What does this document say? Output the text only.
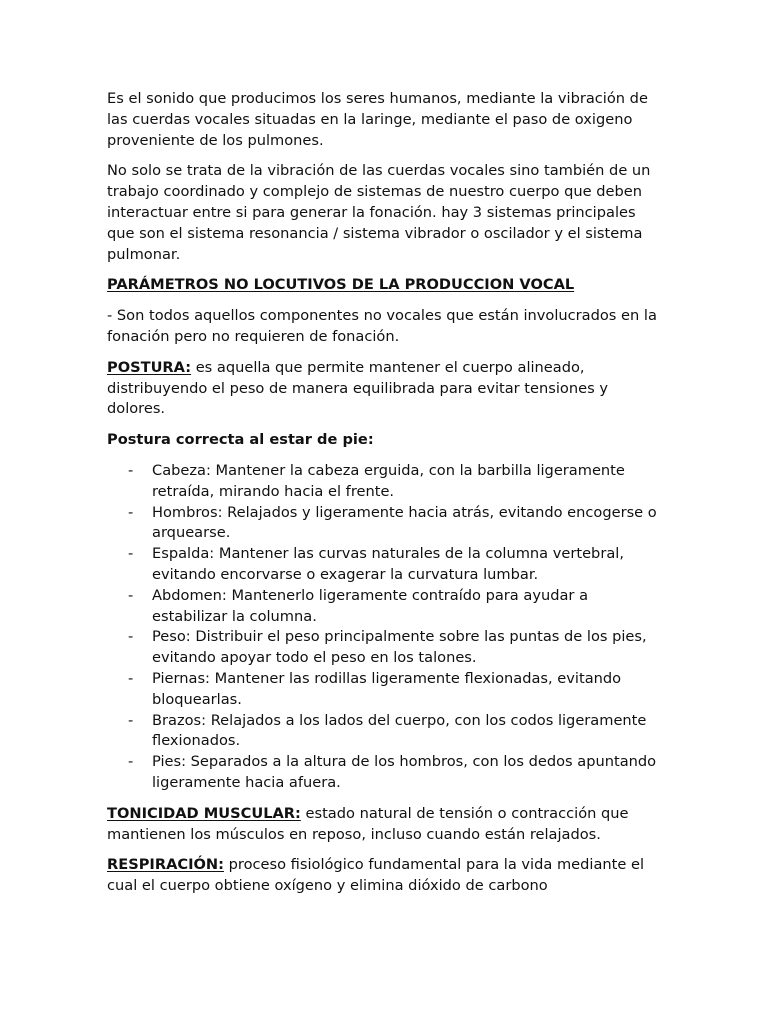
Es el sonido que producimos los seres humanos, mediante la vibración de las cuerdas vocales situadas en la laringe, mediante el paso de oxigeno proveniente de los pulmones.

No solo se trata de la vibración de las cuerdas vocales sino también de un trabajo coordinado y complejo de sistemas de nuestro cuerpo que deben interactuar entre si para generar la fonación. hay 3 sistemas principales que son el sistema resonancia / sistema vibrador o oscilador y el sistema pulmonar.

PARÁMETROS NO LOCUTIVOS DE LA PRODUCCION VOCAL

- Son todos aquellos componentes no vocales que están involucrados en la fonación pero no requieren de fonación.

POSTURA: es aquella que permite mantener el cuerpo alineado, distribuyendo el peso de manera equilibrada para evitar tensiones y dolores.

Postura correcta al estar de pie:

- Cabeza: Mantener la cabeza erguida, con la barbilla ligeramente retraída, mirando hacia el frente.
- Hombros: Relajados y ligeramente hacia atrás, evitando encogerse o arquearse.
- Espalda: Mantener las curvas naturales de la columna vertebral, evitando encorvarse o exagerar la curvatura lumbar.
- Abdomen: Mantenerlo ligeramente contraído para ayudar a estabilizar la columna.
- Peso: Distribuir el peso principalmente sobre las puntas de los pies, evitando apoyar todo el peso en los talones.
- Piernas: Mantener las rodillas ligeramente flexionadas, evitando bloquearlas.
- Brazos: Relajados a los lados del cuerpo, con los codos ligeramente flexionados.
- Pies: Separados a la altura de los hombros, con los dedos apuntando ligeramente hacia afuera.

TONICIDAD MUSCULAR: estado natural de tensión o contracción que mantienen los músculos en reposo, incluso cuando están relajados.

RESPIRACIÓN: proceso fisiológico fundamental para la vida mediante el cual el cuerpo obtiene oxígeno y elimina dióxido de carbono
